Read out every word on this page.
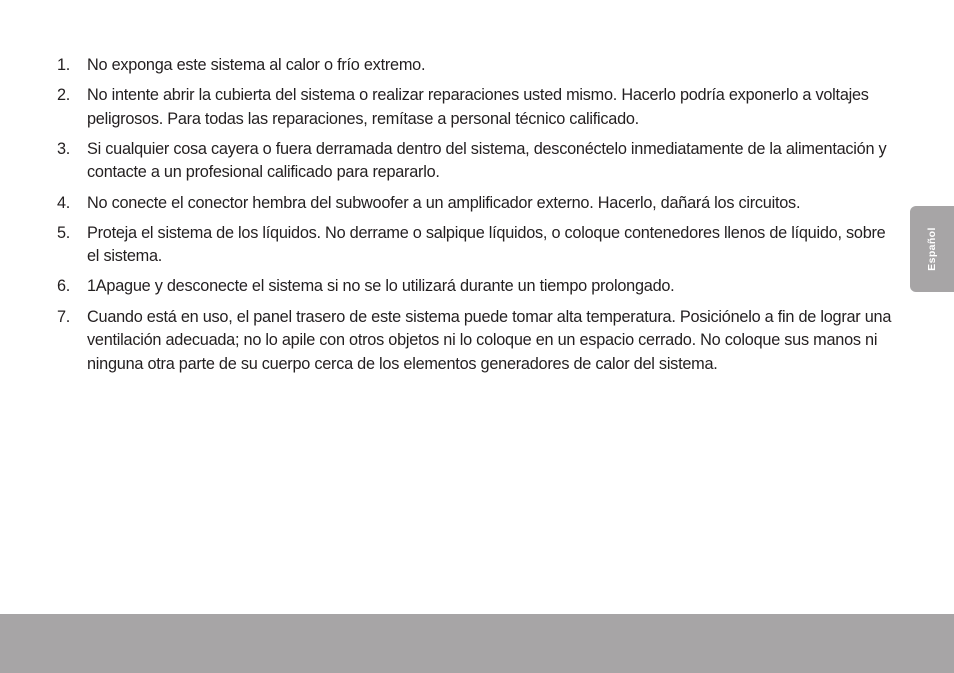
1. No exponga este sistema al calor o frío extremo.
2. No intente abrir la cubierta del sistema o realizar reparaciones usted mismo. Hacerlo podría exponerlo a voltajes peligrosos. Para todas las reparaciones, remítase a personal técnico calificado.
3. Si cualquier cosa cayera o fuera derramada dentro del sistema, desconéctelo inmediatamente de la alimentación y contacte a un profesional calificado para repararlo.
4. No conecte el conector hembra del subwoofer a un amplificador externo. Hacerlo, dañará los circuitos.
5. Proteja el sistema de los líquidos. No derrame o salpique líquidos, o coloque contenedores llenos de líquido, sobre el sistema.
6. 1Apague y desconecte el sistema si no se lo utilizará durante un tiempo prolongado.
7. Cuando está en uso, el panel trasero de este sistema puede tomar alta temperatura. Posiciónelo a fin de lograr una ventilación adecuada; no lo apile con otros objetos ni lo coloque en un espacio cerrado. No coloque sus manos ni ninguna otra parte de su cuerpo cerca de los elementos generadores de calor del sistema.
Español
